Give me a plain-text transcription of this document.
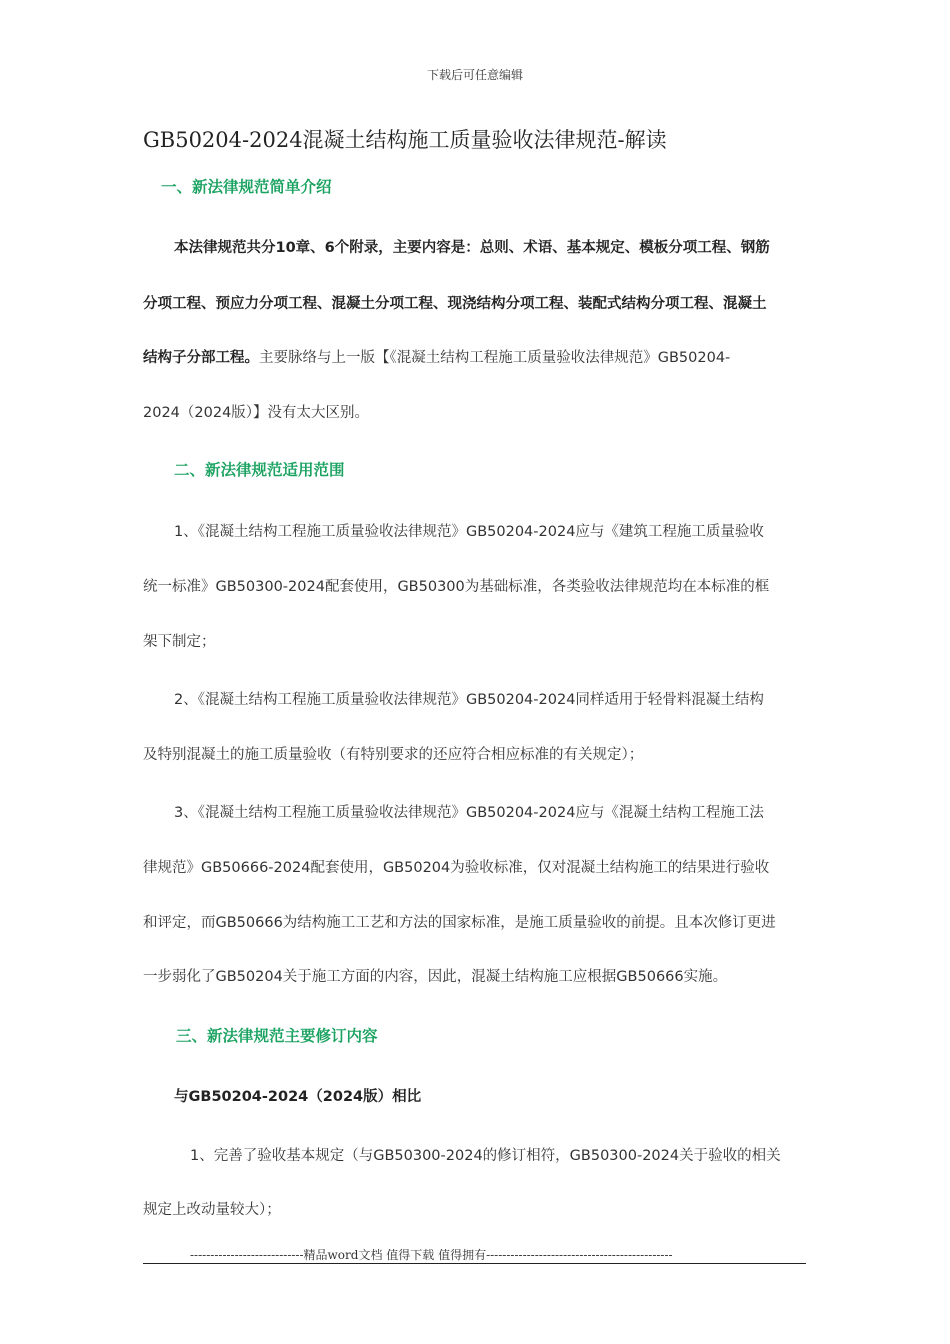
下载后可任意编辑
GB50204-2024混凝土结构施工质量验收法律规范-解读
一、新法律规范简单介绍
本法律规范共分10章、6个附录，主要内容是：总则、术语、基本规定、模板分项工程、钢筋
分项工程、预应力分项工程、混凝土分项工程、现浇结构分项工程、装配式结构分项工程、混凝土
结构子分部工程。主要脉络与上一版【《混凝土结构工程施工质量验收法律规范》GB50204-
2024（2024版）】没有太大区别。
二、新法律规范适用范围
1、《混凝土结构工程施工质量验收法律规范》GB50204-2024应与《建筑工程施工质量验收
统一标准》GB50300-2024配套使用，GB50300为基础标准，各类验收法律规范均在本标准的框
架下制定；
2、《混凝土结构工程施工质量验收法律规范》GB50204-2024同样适用于轻骨料混凝土结构
及特别混凝土的施工质量验收（有特别要求的还应符合相应标准的有关规定）；
3、《混凝土结构工程施工质量验收法律规范》GB50204-2024应与《混凝土结构工程施工法
律规范》GB50666-2024配套使用，GB50204为验收标准，仅对混凝土结构施工的结果进行验收
和评定，而GB50666为结构施工工艺和方法的国家标准，是施工质量验收的前提。且本次修订更进
一步弱化了GB50204关于施工方面的内容，因此，混凝土结构施工应根据GB50666实施。
三、新法律规范主要修订内容
与GB50204-2024（2024版）相比
1、完善了验收基本规定（与GB50300-2024的修订相符，GB50300-2024关于验收的相关
规定上改动量较大）；
----------------------------精品word文档 值得下载 值得拥有----------------------------------------------
